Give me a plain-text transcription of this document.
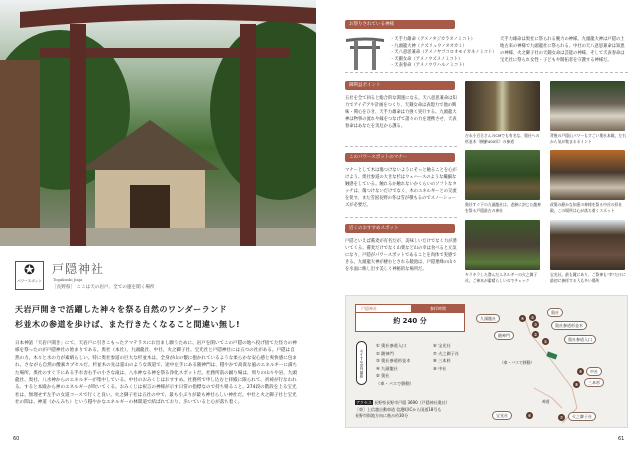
✪
パワースポット
戸隠神社
Togakushi Jinja
［長野県］ ここは天の岩戸。全ての運を開く場所
天岩戸開きで活躍した神々を祭る自然のワンダーランド
杉並木の参道を歩けば、また行きたくなること間違い無し!
日本神話「天岩戸開き」にて、天岩戸に引きこもったアマテラスにお出まし願うために、岩戸を開いてこの戸隠の地へ投げ捨てた怪力の神様を祭ったのが戸隠神社の始まりである。奥社（本社）、九頭龍社、中社、火之御子社、宝光社と戸隠神社には五つの社がある。戸隠は自然の力、木々と水の力が素晴らしい。特に奥社参道の巨大な杉並木は、全身が山の懐に抱かれているような柔らかな安心感と爽快感に包まれ、さながら自然の酸素カプセルだ。杉並木の先は霊山のような坂道で、途中左手にある随神門は、穏やかで高貴な風のエネルギーに満ちた場所。奥社のすぐ下にある手水舎右手の小さな滝は、八水神なる神を祭る浄化スポットだ。社務所前の踊り場は、周りの山々や岩、九頭龍社、奥社、八水神からのエネルギーが集中している。中社のおみくじはおすすめ。社務所で申し込むと拝殿に限られて、祈祷が行なわれる。すると本殿から神のエネルギーが吹いてくる。おみくじは祝言の神様が示す日常の指標なので持ち帰ること。274段の階段を上る宝光社は、無理せず左手の女道コースで行くと良い。火之御子社は五社の中で、最も小ぶりが最も神社らしい神社だ。中社と火之御子社と宝光社の間は、神道（かんみち）という穏やかなエネルギーの林間道で結ばれており、歩いていると心が落ち着く。
60
お祭りされている神様
・天手力雄命（アメノタジカラオノミコト）
・九頭龍大神（クズリュウノオオカミ）
・天八意思兼命（アメノヤゴコロオモイカネノミコト）
・天鈿女命（アメノウズメノミコト）
・天表春命（アメノウワハルノミコト）
天手力雄命は奥社に祭られる腕力の神様。九頭龍大神は戸隠の土地古来の神様で九頭龍社に祭られる。中社の天八意思兼命は知恵の神様、火之御子社の天鈿女命は芸能の神様、そして天表春命は宝光社に祭られ女性・子どもや開拓者を守護する神様だ。
御利益ポイント
五社を全て回ると総合的な開運になる。天八意思兼命は知力でアイデアや計画をつくり、天鈿女命は表現力で他の興味・関心をひき、天手力雄命は力強く実行する。九頭龍大神は物事の流れや縁をつなげて諸々の力を連携させ、天表春命はあなたを災厄から護る。
このパワースポットのマナー
マナーとして木は傷つけないようにそっと触ることを心がけよう。奥社参道の大きな杉はウェハースのような繊細な触感をしている。触れるか触れないかくらいのソフトなタッチは、傷つけないだけでなく、木のエネルギーとの交流を促す。また雪国長野の冬は雪が積もるのでスノーシューズが必要だ。
近くのおすすめスポット
戸隠といえば蕎麦が有名だが、美味しいだけでなく力が湧いてくる。蕎麦だけでなく山菜など山の幸は食べると元気になり、戸隠がパワースポットであることを肉体で実感できる。九頭龍大神が棲むとされる鏡池は、戸隠連峰の山々を水面に映し出す美しく神秘的な場所だ。
吉永小百合さんのCMでも有名な、奥社への杉並木（樹齢400年）の参道
背後の戸隠山パワーもすごい奥社本殿。左右から気が集まるポイント
奥社すぐ下の九頭龍社は、老齢に封じた龍神を祭る戸隠最古の神社
改築の静かな知恵の神様を祭る中社の拝社殿。この場所は心が落ち着くスポット
キラキラした澄んだエネルギーの火之御子社。ご神木が素晴らしいのでチェック
宝光社。最も麓にあり、ご祭神も"幸"だけに最初に参拝する人も多い場所
戸隠神社	参拝時間
約 240 分
おすすめ参拝順路
① 奥社参道入口
② 随神門
③ 奥社参道杉並木
④ 九頭龍社
⑤ 奥社
（車・バスで移動）
⑥ 宝光社
⑦ 火之御子社
⑧ 三本杉
⑨ 中社
アクセス 長野県長野市戸隠 3690（戸隠神社奥社）
［車］上信越自動車道 信濃町ICから国道18号も
長野市街地方向に進み約30分
④	⑤
③
②
①
⑨
⑧
⑥	⑦
奥社
九頭龍社
奥社参道杉並木
随神門
奥社参道入口
（車・バスで移動）
中社
三本杉
神道
宝光社	火之御子社
61
